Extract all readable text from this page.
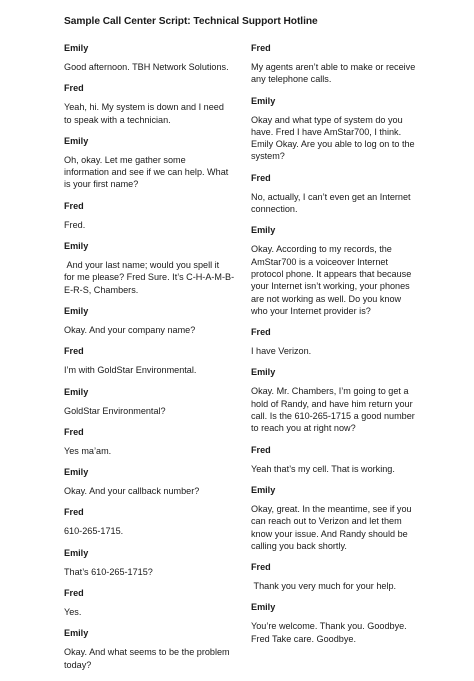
Sample Call Center Script: Technical Support Hotline
Emily
Good afternoon. TBH Network Solutions.
Fred
Yeah, hi. My system is down and I need
to speak with a technician.
Emily
Oh, okay. Let me gather some
information and see if we can help. What
is your first name?
Fred
Fred.
Emily
And your last name; would you spell it
for me please? Fred Sure. It’s C-H-A-M-B-
E-R-S, Chambers.
Emily
Okay. And your company name?
Fred
I’m with GoldStar Environmental.
Emily
GoldStar Environmental?
Fred
Yes ma’am.
Emily
Okay. And your callback number?
Fred
610-265-1715.
Emily
That’s 610-265-1715?
Fred
Yes.
Emily
Okay. And what seems to be the problem
today?
Fred
My agents aren’t able to make or receive
any telephone calls.
Emily
Okay and what type of system do you
have. Fred I have AmStar700, I think.
Emily Okay. Are you able to log on to the
system?
Fred
No, actually, I can’t even get an Internet
connection.
Emily
Okay. According to my records, the
AmStar700 is a voiceover Internet
protocol phone. It appears that because
your Internet isn’t working, your phones
are not working as well. Do you know
who your Internet provider is?
Fred
I have Verizon.
Emily
Okay. Mr. Chambers, I’m going to get a
hold of Randy, and have him return your
call. Is the 610-265-1715 a good number
to reach you at right now?
Fred
Yeah that’s my cell. That is working.
Emily
Okay, great. In the meantime, see if you
can reach out to Verizon and let them
know your issue. And Randy should be
calling you back shortly.
Fred
Thank you very much for your help.
Emily
You’re welcome. Thank you. Goodbye.
Fred Take care. Goodbye.
